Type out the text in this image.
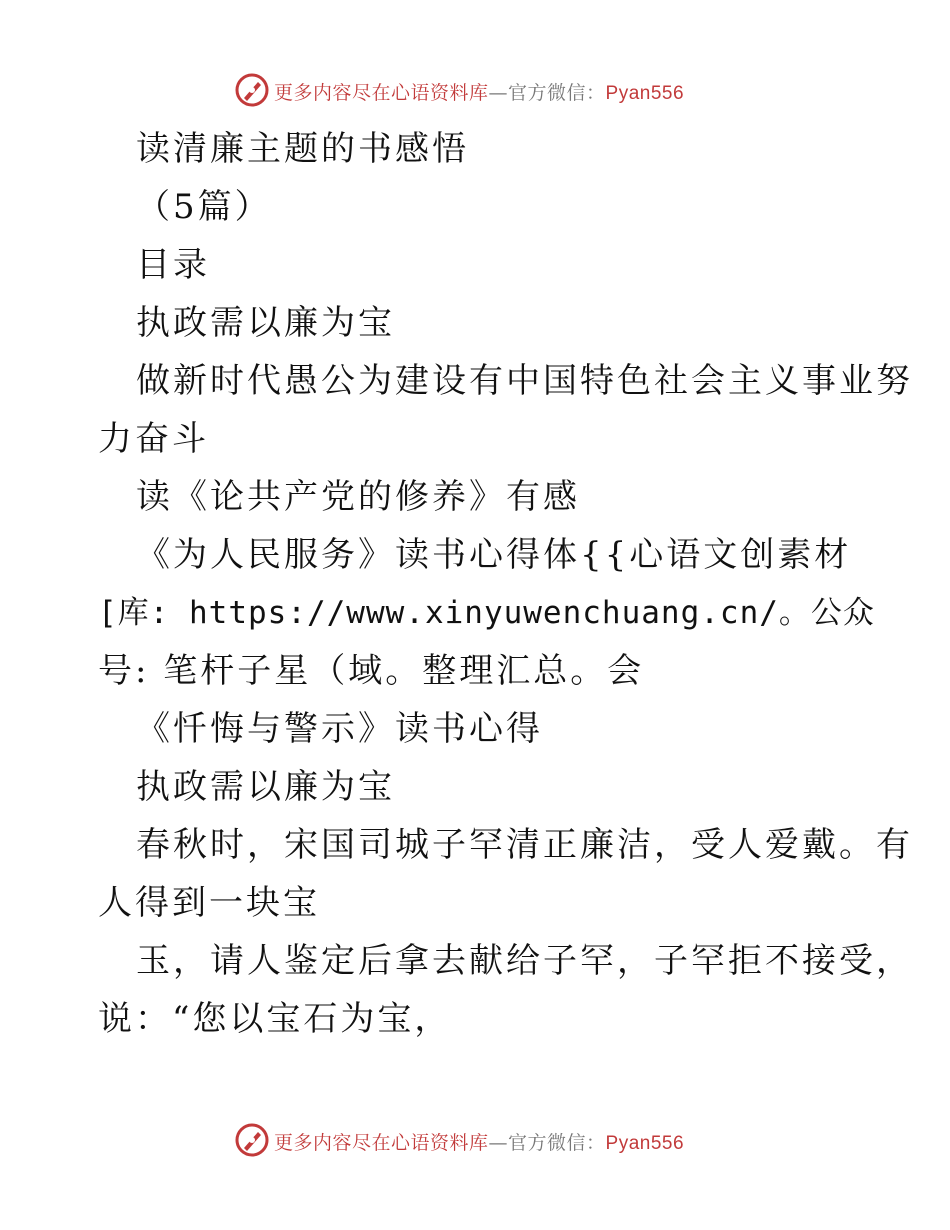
更多内容尽在心语资料库—官方微信：Pyan556
读清廉主题的书感悟
（5篇）
目录
执政需以廉为宝
做新时代愚公为建设有中国特色社会主义事业努
力奋斗
读《论共产党的修养》有感
《为人民服务》读书心得体{{心语文创素材
[库: https://www.xinyuwenchuang.cn/。公众
号: 笔杆子星（域。整理汇总。会
《忏悔与警示》读书心得
执政需以廉为宝
春秋时，宋国司城子罕清正廉洁，受人爱戴。有
人得到一块宝
玉，请人鉴定后拿去献给子罕，子罕拒不接受，
说：“您以宝石为宝，
更多内容尽在心语资料库—官方微信：Pyan556
